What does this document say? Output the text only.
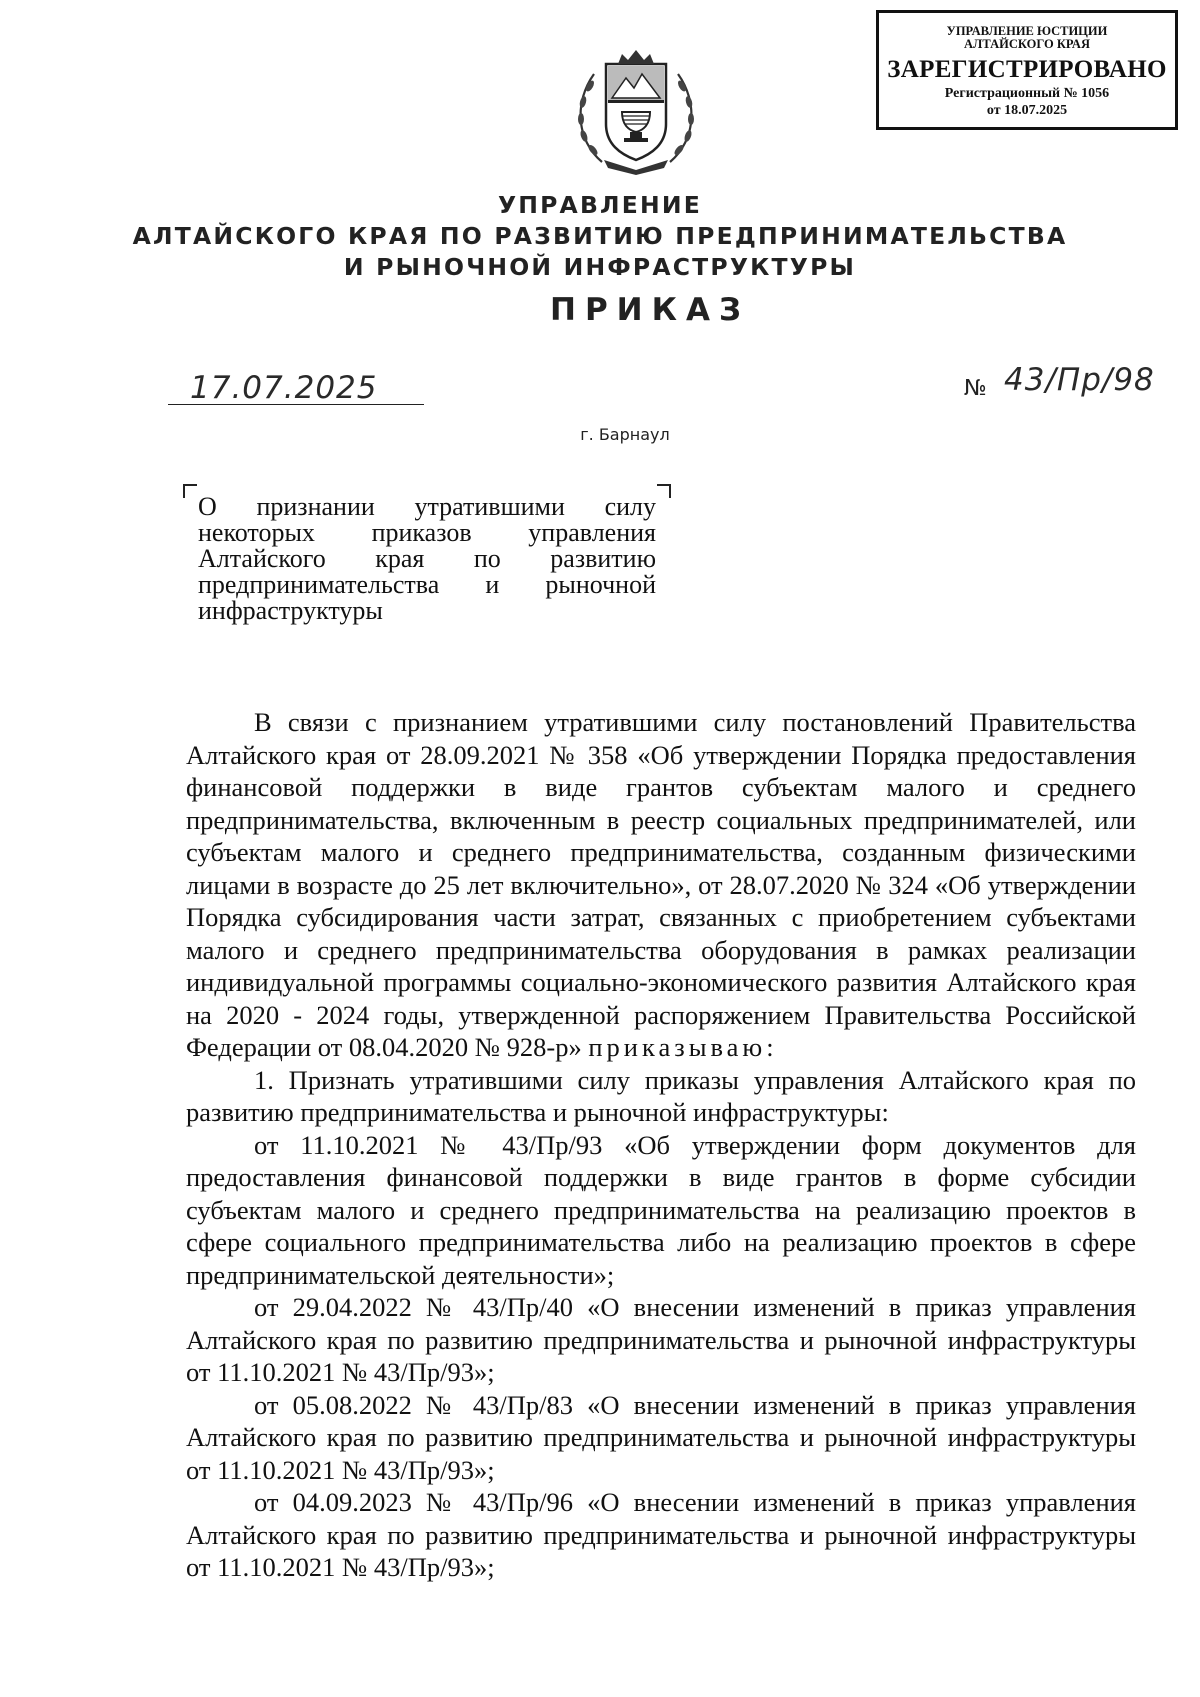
УПРАВЛЕНИЕ ЮСТИЦИИ
АЛТАЙСКОГО КРАЯ
ЗАРЕГИСТРИРОВАНО
Регистрационный № 1056
от 18.07.2025
УПРАВЛЕНИЕ
АЛТАЙСКОГО КРАЯ ПО РАЗВИТИЮ ПРЕДПРИНИМАТЕЛЬСТВА
И РЫНОЧНОЙ ИНФРАСТРУКТУРЫ
ПРИКАЗ
17.07.2025	№ 43/Пр/98
г. Барнаул
О признании утратившими силу
некоторых приказов управления
Алтайского края по развитию
предпринимательства и рыночной
инфраструктуры

В связи с признанием утратившими силу постановлений Правительства Алтайского края от 28.09.2021 № 358 «Об утверждении Порядка предоставления финансовой поддержки в виде грантов субъектам малого и среднего предпринимательства, включенным в реестр социальных предпринимателей, или субъектам малого и среднего предпринимательства, созданным физическими лицами в возрасте до 25 лет включительно», от 28.07.2020 № 324 «Об утверждении Порядка субсидирования части затрат, связанных с приобретением субъектами малого и среднего предпринимательства оборудования в рамках реализации индивидуальной программы социально-экономического развития Алтайского края на 2020 - 2024 годы, утвержденной распоряжением Правительства Российской Федерации от 08.04.2020 № 928-р» приказываю:

1. Признать утратившими силу приказы управления Алтайского края по развитию предпринимательства и рыночной инфраструктуры:

от 11.10.2021 № 43/Пр/93 «Об утверждении форм документов для предоставления финансовой поддержки в виде грантов в форме субсидии субъектам малого и среднего предпринимательства на реализацию проектов в сфере социального предпринимательства либо на реализацию проектов в сфере предпринимательской деятельности»;

от 29.04.2022 № 43/Пр/40 «О внесении изменений в приказ управления Алтайского края по развитию предпринимательства и рыночной инфраструктуры от 11.10.2021 № 43/Пр/93»;

от 05.08.2022 № 43/Пр/83 «О внесении изменений в приказ управления Алтайского края по развитию предпринимательства и рыночной инфраструктуры от 11.10.2021 № 43/Пр/93»;

от 04.09.2023 № 43/Пр/96 «О внесении изменений в приказ управления Алтайского края по развитию предпринимательства и рыночной инфраструктуры от 11.10.2021 № 43/Пр/93»;
